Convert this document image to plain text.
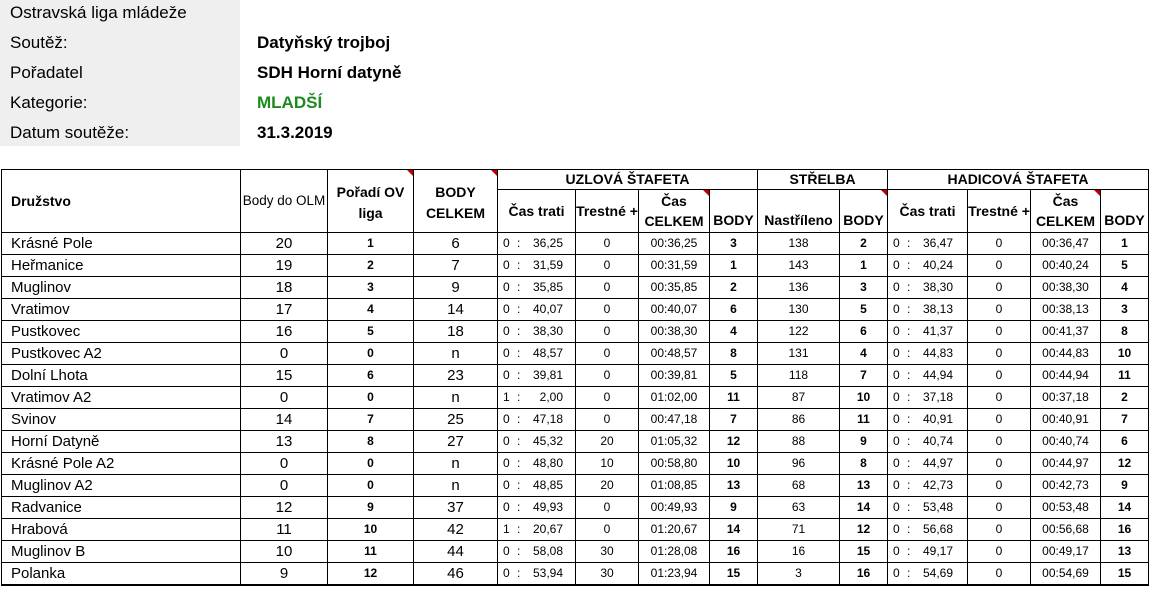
Ostravská liga mládeže
Soutěž:	Datyňský trojboj
Pořadatel	SDH Horní datyně
Kategorie:	MLADŠÍ
Datum soutěže:	31.3.2019
Družstvo	Body do OLM	Pořadí OV liga	BODY CELKEM	UZLOVÁ ŠTAFETA				STŘELBA		HADICOVÁ ŠTAFETA			
				Čas trati	Trestné +	Čas CELKEM	BODY	Nastříleno	BODY	Čas trati	Trestné +	Čas CELKEM	BODY
Krásné Pole	20	1	6	0 : 36,25	0	00:36,25	3	138	2	0 : 36,47	0	00:36,47	1
Heřmanice	19	2	7	0 : 31,59	0	00:31,59	1	143	1	0 : 40,24	0	00:40,24	5
Muglinov	18	3	9	0 : 35,85	0	00:35,85	2	136	3	0 : 38,30	0	00:38,30	4
Vratimov	17	4	14	0 : 40,07	0	00:40,07	6	130	5	0 : 38,13	0	00:38,13	3
Pustkovec	16	5	18	0 : 38,30	0	00:38,30	4	122	6	0 : 41,37	0	00:41,37	8
Pustkovec A2	0	0	n	0 : 48,57	0	00:48,57	8	131	4	0 : 44,83	0	00:44,83	10
Dolní Lhota	15	6	23	0 : 39,81	0	00:39,81	5	118	7	0 : 44,94	0	00:44,94	11
Vratimov A2	0	0	n	1 : 2,00	0	01:02,00	11	87	10	0 : 37,18	0	00:37,18	2
Svinov	14	7	25	0 : 47,18	0	00:47,18	7	86	11	0 : 40,91	0	00:40,91	7
Horní Datyně	13	8	27	0 : 45,32	20	01:05,32	12	88	9	0 : 40,74	0	00:40,74	6
Krásné Pole A2	0	0	n	0 : 48,80	10	00:58,80	10	96	8	0 : 44,97	0	00:44,97	12
Muglinov A2	0	0	n	0 : 48,85	20	01:08,85	13	68	13	0 : 42,73	0	00:42,73	9
Radvanice	12	9	37	0 : 49,93	0	00:49,93	9	63	14	0 : 53,48	0	00:53,48	14
Hrabová	11	10	42	1 : 20,67	0	01:20,67	14	71	12	0 : 56,68	0	00:56,68	16
Muglinov B	10	11	44	0 : 58,08	30	01:28,08	16	16	15	0 : 49,17	0	00:49,17	13
Polanka	9	12	46	0 : 53,94	30	01:23,94	15	3	16	0 : 54,69	0	00:54,69	15
